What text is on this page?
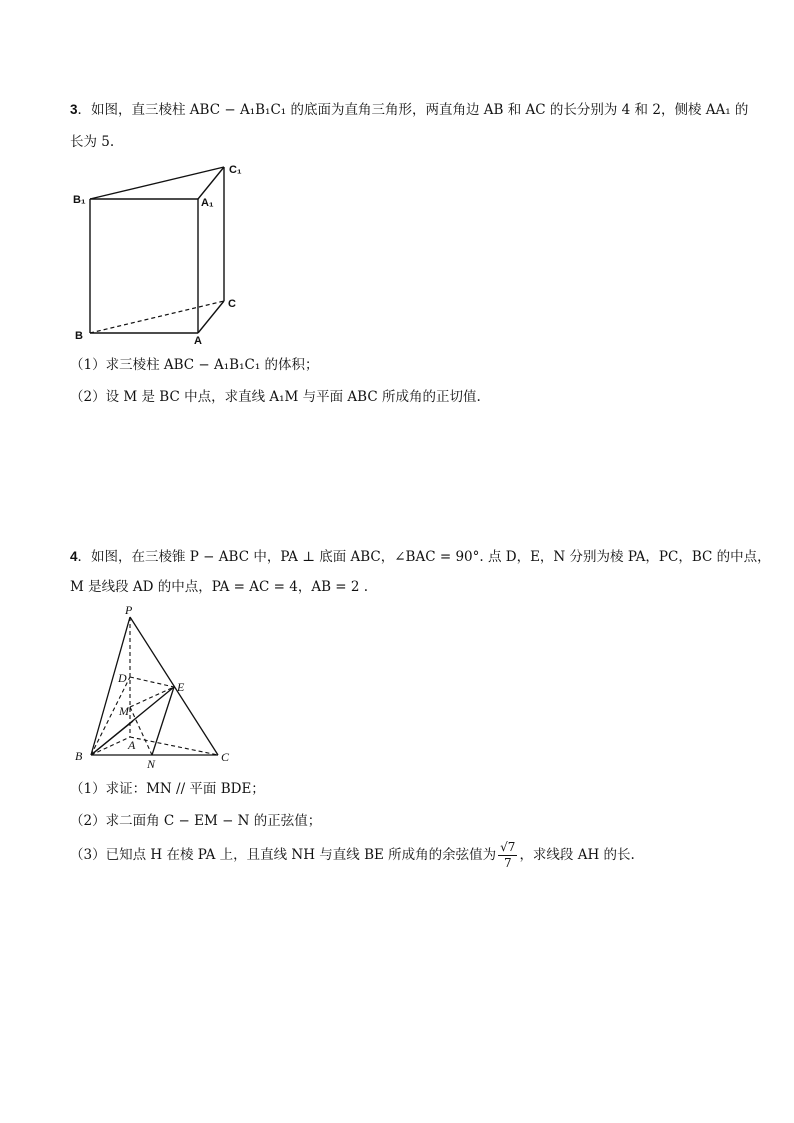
3．如图，直三棱柱 ABC − A₁B₁C₁ 的底面为直角三角形，两直角边 AB 和 AC 的长分别为 4 和 2，侧棱 AA₁ 的
长为 5.
B₁	A₁
C₁
B	A
C
（1）求三棱柱 ABC − A₁B₁C₁ 的体积；
（2）设 M 是 BC 中点，求直线 A₁M 与平面 ABC 所成角的正切值.
4．如图，在三棱锥 P − ABC 中，PA ⊥ 底面 ABC，∠BAC = 90°. 点 D，E，N 分别为棱 PA，PC，BC 的中点，
M 是线段 AD 的中点，PA = AC = 4，AB = 2 .
P
D
E
M
A
B
N	C
（1）求证：MN // 平面 BDE；
（2）求二面角 C − EM − N 的正弦值；
（3）已知点 H 在棱 PA 上，且直线 NH 与直线 BE 所成角的余弦值为 $\frac{√7}{7}$ ，求线段 AH 的长.
